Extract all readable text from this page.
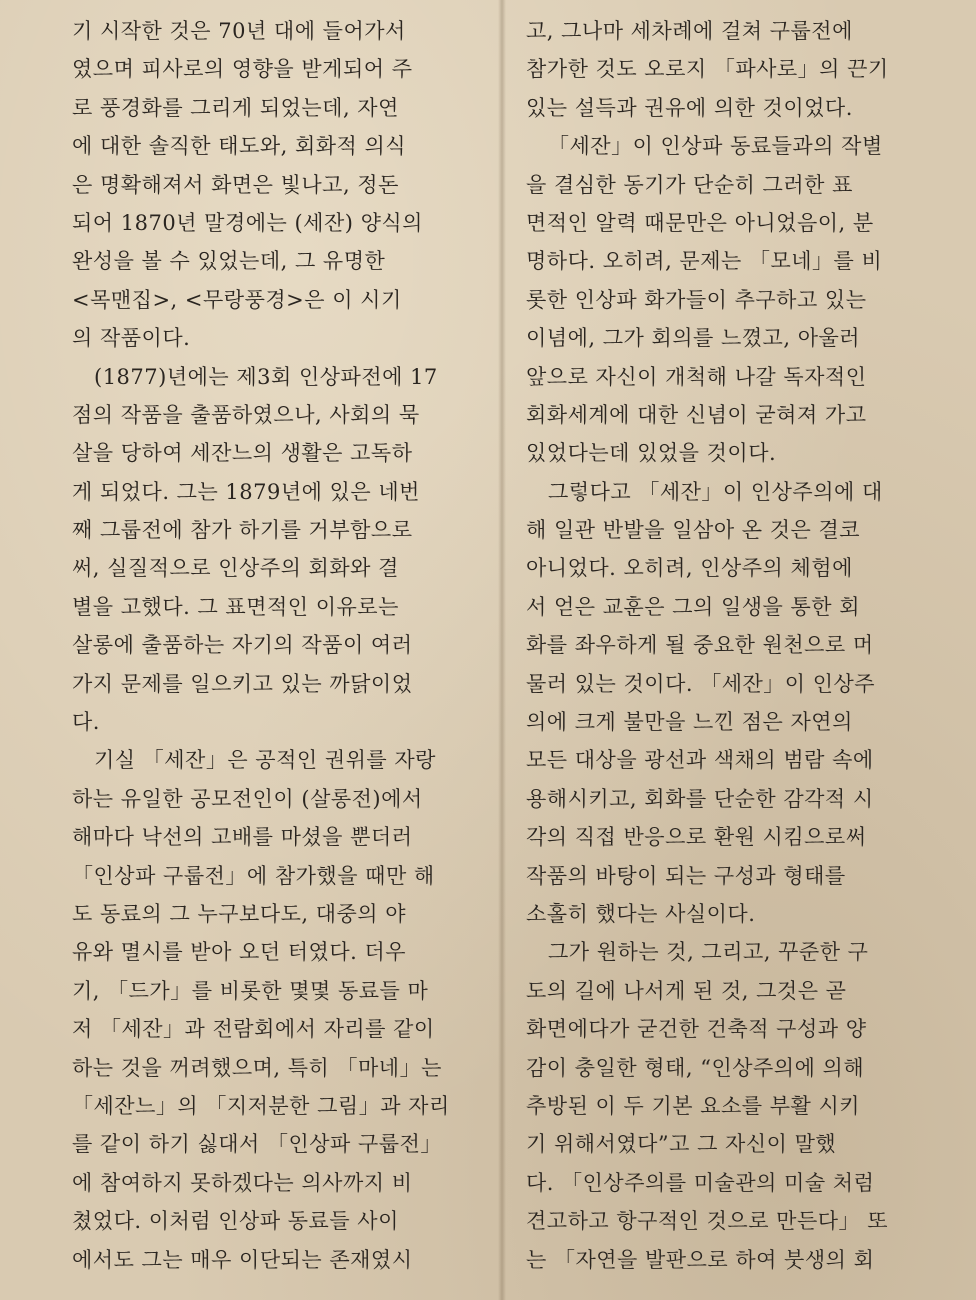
기 시작한 것은 70년 대에 들어가서
였으며 피사로의 영향을 받게되어 주
로 풍경화를 그리게 되었는데, 자연
에 대한 솔직한 태도와, 회화적 의식
은 명확해져서 화면은 빛나고, 정돈
되어 1870년 말경에는 (세잔) 양식의
완성을 볼 수 있었는데, 그 유명한
<목맨집>, <무랑풍경>은 이 시기
의 작품이다.
(1877)년에는 제3회 인상파전에 17
점의 작품을 출품하였으나, 사회의 묵
살을 당하여 세잔느의 생활은 고독하
게 되었다. 그는 1879년에 있은 네번
째 그룹전에 참가 하기를 거부함으로
써, 실질적으로 인상주의 회화와 결
별을 고했다. 그 표면적인 이유로는
살롱에 출품하는 자기의 작품이 여러
가지 문제를 일으키고 있는 까닭이었
다.
기실 「세잔」은 공적인 권위를 자랑
하는 유일한 공모전인이 (살롱전)에서
해마다 낙선의 고배를 마셨을 뿐더러
「인상파 구룹전」에 참가했을 때만 해
도 동료의 그 누구보다도, 대중의 야
유와 멸시를 받아 오던 터였다. 더우
기, 「드가」를 비롯한 몇몇 동료들 마
저 「세잔」과 전람회에서 자리를 같이
하는 것을 꺼려했으며, 특히 「마네」는
「세잔느」의 「지저분한 그림」과 자리
를 같이 하기 싫대서 「인상파 구룹전」
에 참여하지 못하겠다는 의사까지 비
쳤었다. 이처럼 인상파 동료들 사이
에서도 그는 매우 이단되는 존재였시
고, 그나마 세차례에 걸쳐 구룹전에
참가한 것도 오로지 「파사로」의 끈기
있는 설득과 권유에 의한 것이었다.
「세잔」이 인상파 동료들과의 작별
을 결심한 동기가 단순히 그러한 표
면적인 알력 때문만은 아니었음이, 분
명하다. 오히려, 문제는 「모네」를 비
롯한 인상파 화가들이 추구하고 있는
이념에, 그가 회의를 느꼈고, 아울러
앞으로 자신이 개척해 나갈 독자적인
회화세계에 대한 신념이 굳혀져 가고
있었다는데 있었을 것이다.
그렇다고 「세잔」이 인상주의에 대
해 일관 반발을 일삼아 온 것은 결코
아니었다. 오히려, 인상주의 체험에
서 얻은 교훈은 그의 일생을 통한 회
화를 좌우하게 될 중요한 원천으로 머
물러 있는 것이다. 「세잔」이 인상주
의에 크게 불만을 느낀 점은 자연의
모든 대상을 광선과 색채의 범람 속에
용해시키고, 회화를 단순한 감각적 시
각의 직접 반응으로 환원 시킴으로써
작품의 바탕이 되는 구성과 형태를
소홀히 했다는 사실이다.
그가 원하는 것, 그리고, 꾸준한 구
도의 길에 나서게 된 것, 그것은 곧
화면에다가 굳건한 건축적 구성과 양
감이 충일한 형태, “인상주의에 의해
추방된 이 두 기본 요소를 부활 시키
기 위해서였다”고 그 자신이 말했
다. 「인상주의를 미술관의 미술 처럼
견고하고 항구적인 것으로 만든다」 또
는 「자연을 발판으로 하여 붓생의 회
